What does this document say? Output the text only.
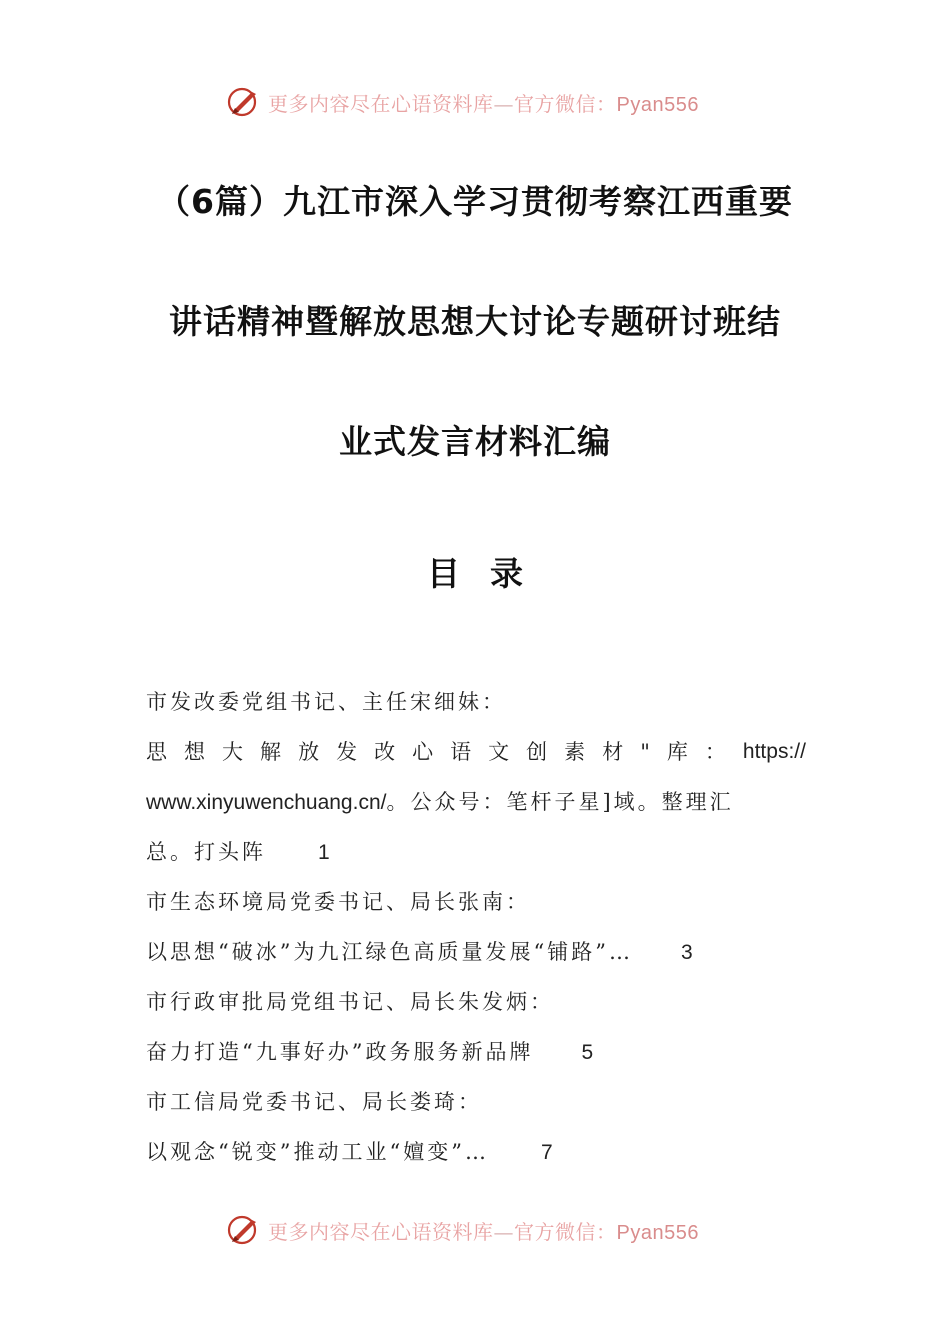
更多内容尽在心语资料库—官方微信：Pyan556
（6篇）九江市深入学习贯彻考察江西重要
讲话精神暨解放思想大讨论专题研讨班结
业式发言材料汇编
目录
市发改委党组书记、主任宋细妹：
思 想 大 解 放 发 改 心 语 文 创 素 材 " 库 ： https://
www.xinyuwenchuang.cn/。公众号：笔杆子星]域。整理汇
总。打头阵 1
市生态环境局党委书记、局长张南：
以思想“破冰”为九江绿色高质量发展“铺路”… 3
市行政审批局党组书记、局长朱发炳：
奋力打造“九事好办”政务服务新品牌 5
市工信局党委书记、局长娄琦：
以观念“锐变”推动工业“嬗变”… 7
更多内容尽在心语资料库—官方微信：Pyan556
